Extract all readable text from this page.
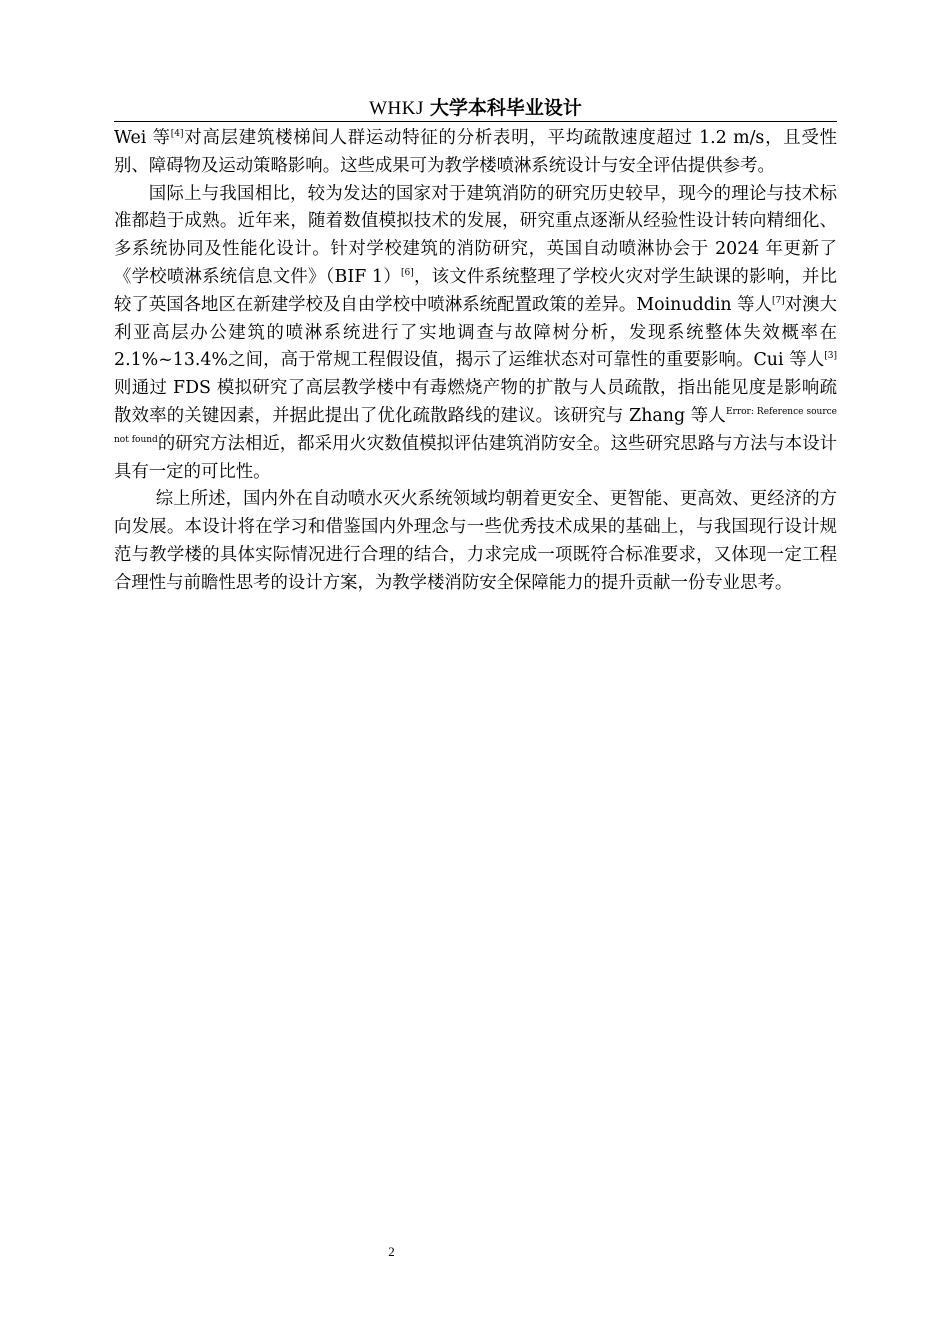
WHKJ 大学本科毕业设计

Wei 等[4]对高层建筑楼梯间人群运动特征的分析表明，平均疏散速度超过 1.2 m/s，且受性别、障碍物及运动策略影响。这些成果可为教学楼喷淋系统设计与安全评估提供参考。

国际上与我国相比，较为发达的国家对于建筑消防的研究历史较早，现今的理论与技术标准都趋于成熟。近年来，随着数值模拟技术的发展，研究重点逐渐从经验性设计转向精细化、多系统协同及性能化设计。针对学校建筑的消防研究，英国自动喷淋协会于 2024 年更新了《学校喷淋系统信息文件》（BIF 1）[6]，该文件系统整理了学校火灾对学生缺课的影响，并比较了英国各地区在新建学校及自由学校中喷淋系统配置政策的差异。Moinuddin 等人[7]对澳大利亚高层办公建筑的喷淋系统进行了实地调查与故障树分析，发现系统整体失效概率在 2.1%~13.4%之间，高于常规工程假设值，揭示了运维状态对可靠性的重要影响。Cui 等人[3]则通过 FDS 模拟研究了高层教学楼中有毒燃烧产物的扩散与人员疏散，指出能见度是影响疏散效率的关键因素，并据此提出了优化疏散路线的建议。该研究与 Zhang 等人$^{Error: Reference source not found}$的研究方法相近，都采用火灾数值模拟评估建筑消防安全。这些研究思路与方法与本设计具有一定的可比性。

综上所述，国内外在自动喷水灭火系统领域均朝着更安全、更智能、更高效、更经济的方向发展。本设计将在学习和借鉴国内外理念与一些优秀技术成果的基础上，与我国现行设计规范与教学楼的具体实际情况进行合理的结合，力求完成一项既符合标准要求，又体现一定工程合理性与前瞻性思考的设计方案，为教学楼消防安全保障能力的提升贡献一份专业思考。

2
